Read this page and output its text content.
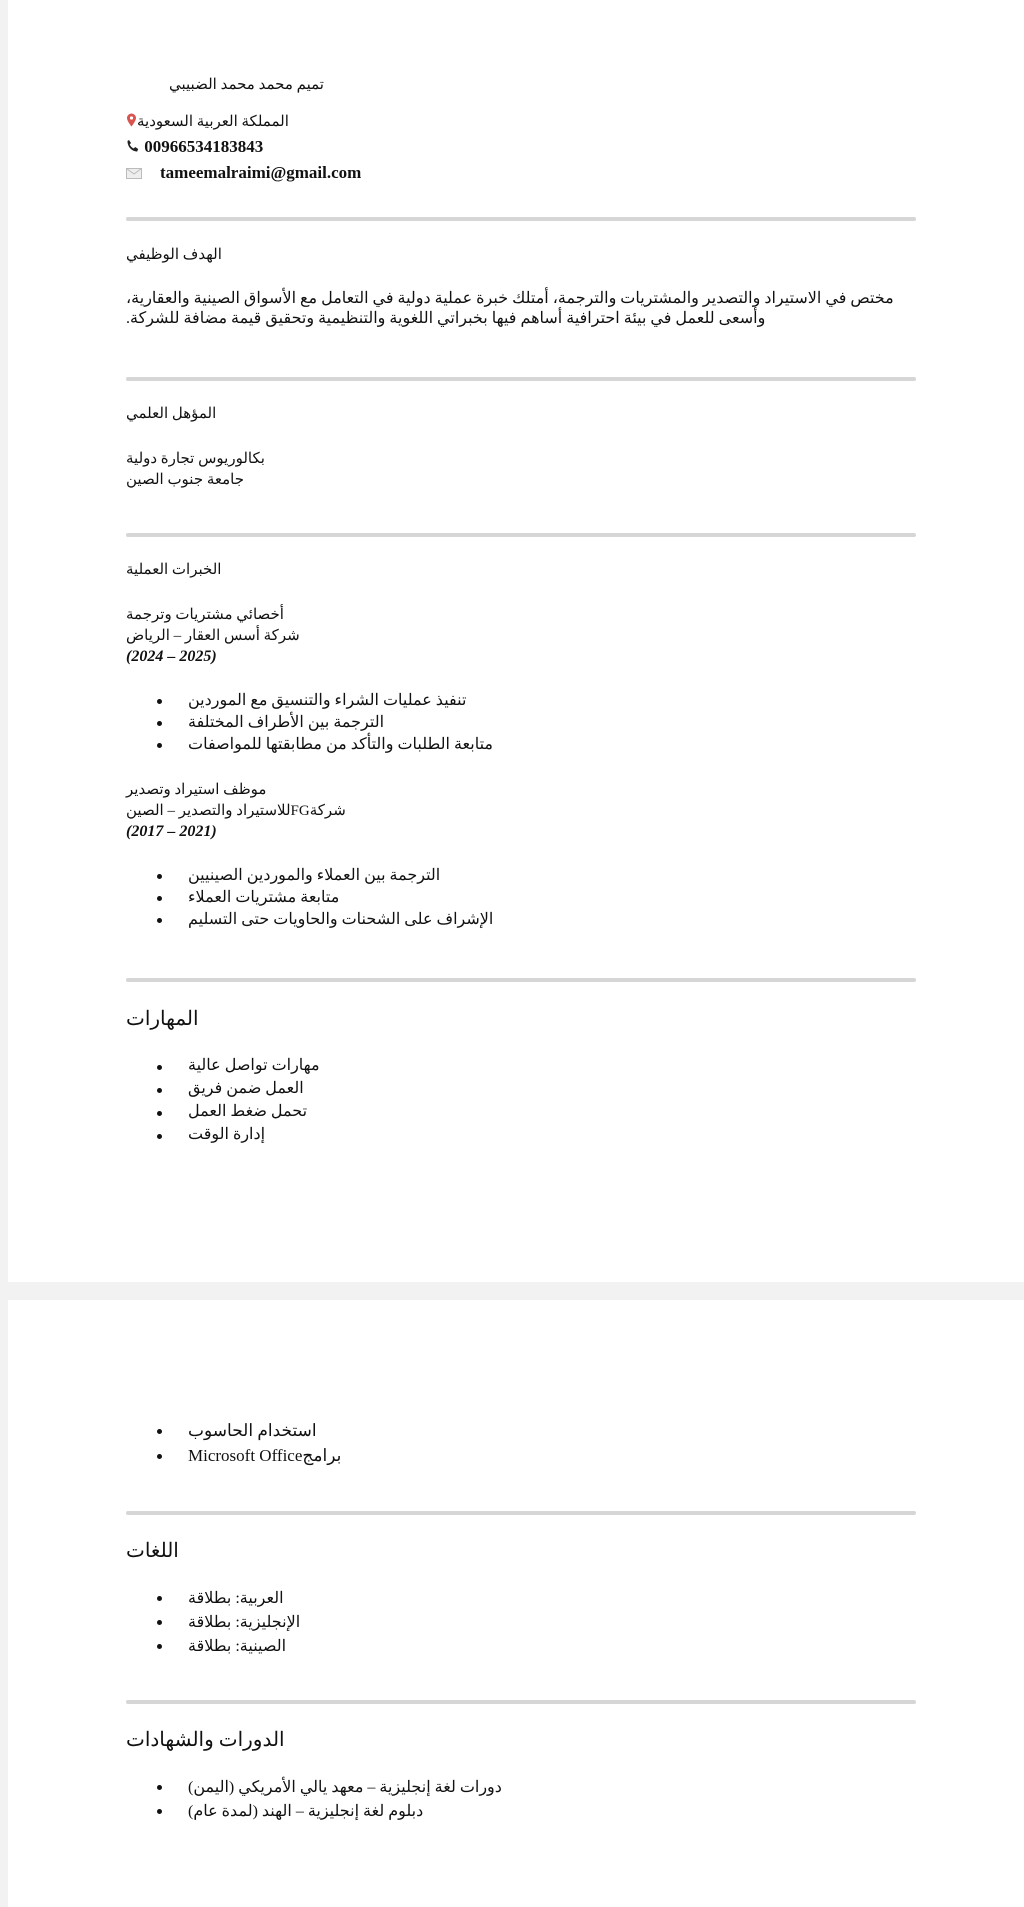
تميم محمد محمد الضبيبي

المملكة العربية السعودية
00966534183843
tameemalraimi@gmail.com

الهدف الوظيفي

مختص في الاستيراد والتصدير والمشتريات والترجمة، أمتلك خبرة عملية دولية في التعامل مع الأسواق الصينية والعقارية،
وأسعى للعمل في بيئة احترافية أساهم فيها بخبراتي اللغوية والتنظيمية وتحقيق قيمة مضافة للشركة.

المؤهل العلمي

بكالوريوس تجارة دولية

جامعة جنوب الصين

الخبرات العملية

أخصائي مشتريات وترجمة

شركة أسس العقار – الرياض

(2024 – 2025)

تنفيذ عمليات الشراء والتنسيق مع الموردين
الترجمة بين الأطراف المختلفة
متابعة الطلبات والتأكد من مطابقتها للمواصفات

موظف استيراد وتصدير

شركةFGللاستيراد والتصدير – الصين

(2017 – 2021)

الترجمة بين العملاء والموردين الصينيين
متابعة مشتريات العملاء
الإشراف على الشحنات والحاويات حتى التسليم

المهارات

مهارات تواصل عالية
العمل ضمن فريق
تحمل ضغط العمل
إدارة الوقت
استخدام الحاسوب
برامجMicrosoft Office

اللغات

العربية: بطلاقة
الإنجليزية: بطلاقة
الصينية: بطلاقة

الدورات والشهادات

دورات لغة إنجليزية – معهد يالي الأمريكي (اليمن)
دبلوم لغة إنجليزية – الهند (لمدة عام)
